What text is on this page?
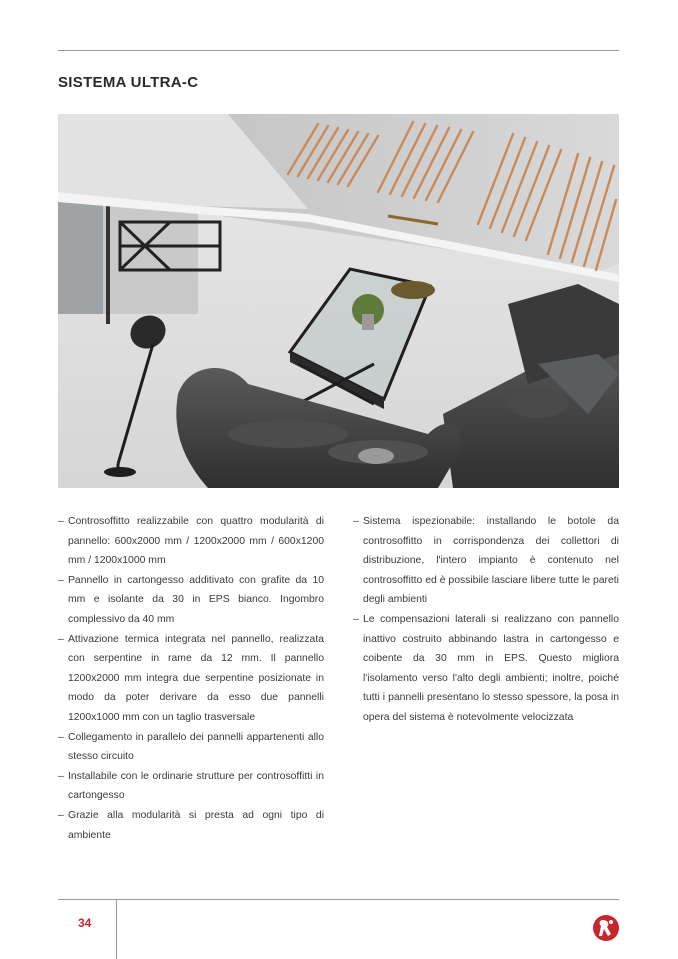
SISTEMA ULTRA-C
– Controsoffitto realizzabile con quattro modularità di pannello: 600x2000 mm / 1200x2000 mm / 600x1200 mm / 1200x1000 mm
– Pannello in cartongesso additivato con grafite da 10 mm e isolante da 30 in EPS bianco. Ingombro complessivo da 40 mm
– Attivazione termica integrata nel pannello, realizzata con serpentine in rame da 12 mm. Il pannello 1200x2000 mm integra due serpentine posizionate in modo da poter derivare da esso due pannelli 1200x1000 mm con un taglio trasversale
– Collegamento in parallelo dei pannelli appartenenti allo stesso circuito
– Installabile con le ordinarie strutture per controsoffitti in cartongesso
– Grazie alla modularità si presta ad ogni tipo di ambiente
– Sistema ispezionabile: installando le botole da controsoffitto in corrispondenza dei collettori di distribuzione, l'intero impianto è contenuto nel controsoffitto ed è possibile lasciare libere tutte le pareti degli ambienti
– Le compensazioni laterali si realizzano con pannello inattivo costruito abbinando lastra in cartongesso e coibente da 30 mm in EPS. Questo migliora l'isolamento verso l'alto degli ambienti; inoltre, poiché tutti i pannelli presentano lo stesso spessore, la posa in opera del sistema è notevolmente velocizzata
34
